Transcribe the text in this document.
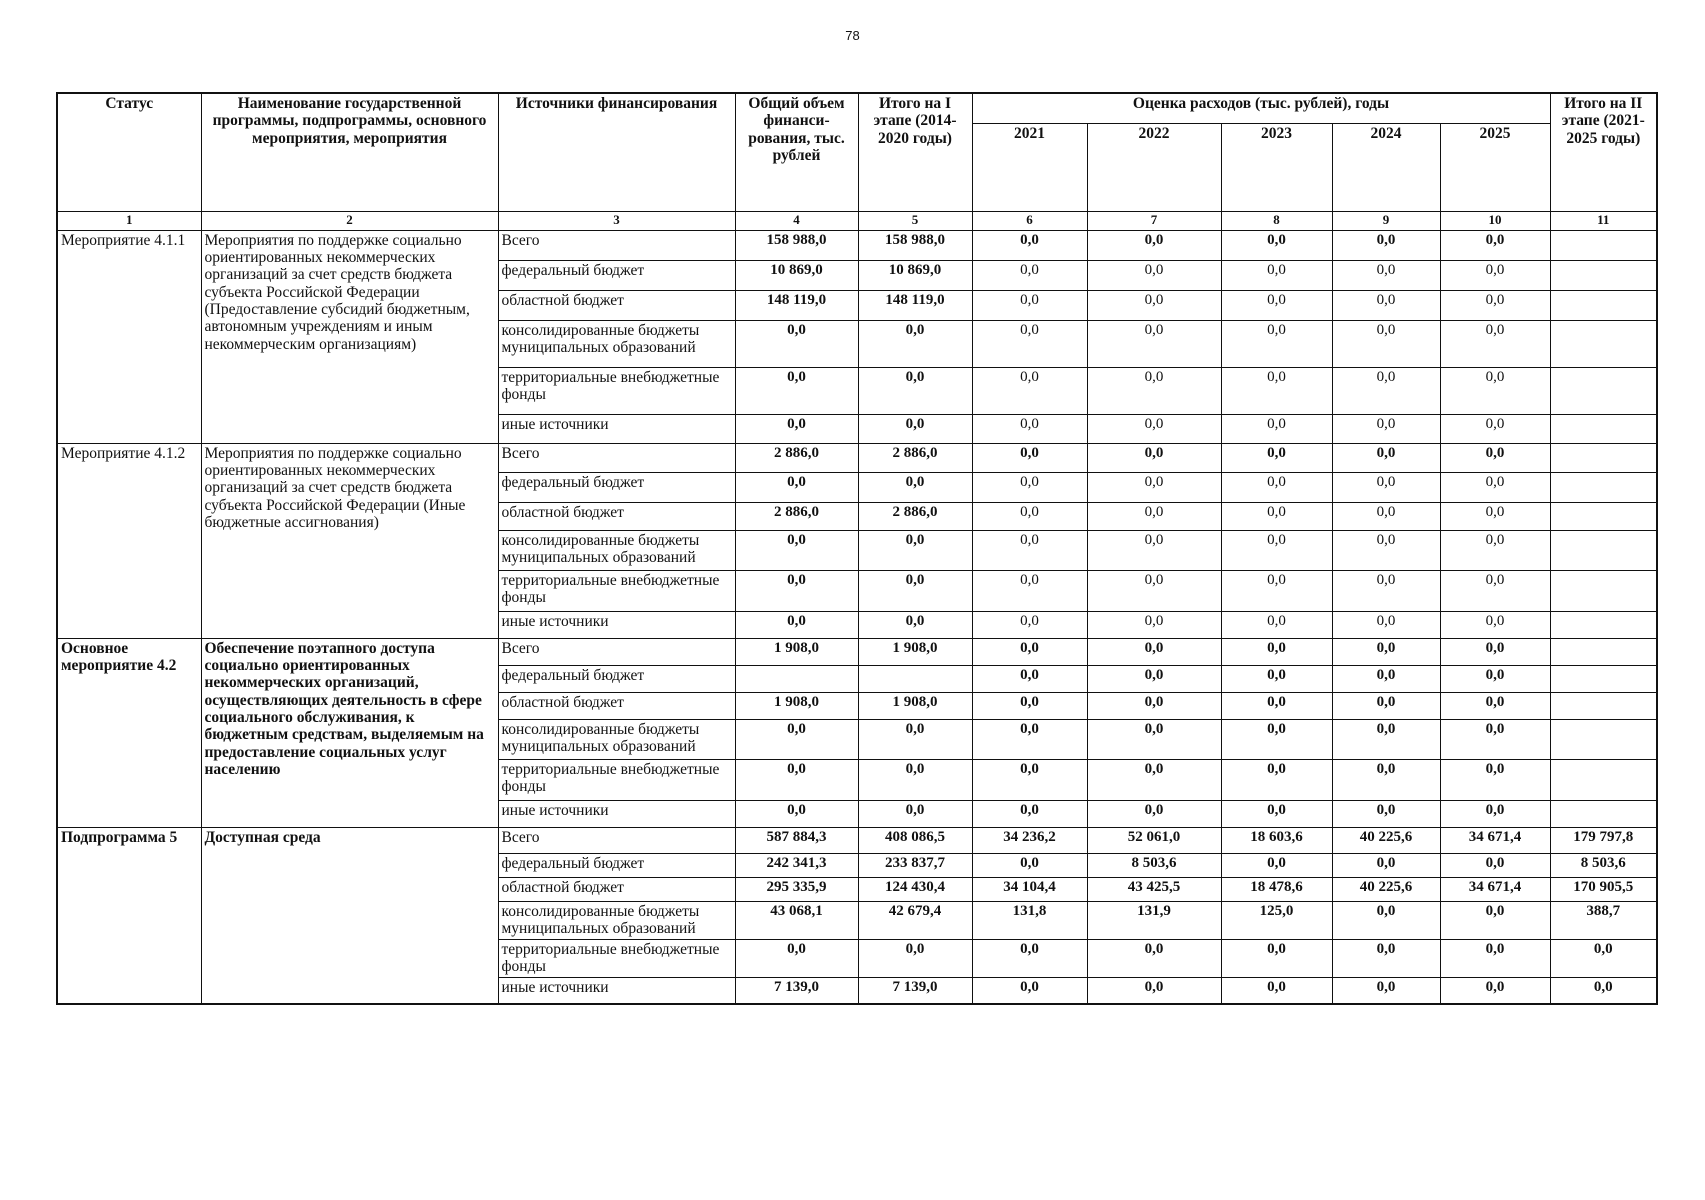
78
Статус	Наименование государственной программы, подпрограммы, основного мероприятия, мероприятия	Источники финансирования	Общий объем финанси-рования, тыс. рублей	Итого на I этапе (2014-2020 годы)	Оценка расходов (тыс. рублей), годы					Итого на II этапе (2021-2025 годы)
					2021	2022	2023	2024	2025	
1	2	3	4	5	6	7	8	9	10	11
Мероприятие 4.1.1	Мероприятия по поддержке социально ориентированных некоммерческих организаций за счет средств бюджета субъекта Российской Федерации (Предоставление субсидий бюджетным, автономным учреждениям и иным некоммерческим организациям)	Всего	158 988,0	158 988,0	0,0	0,0	0,0	0,0	0,0	
		федеральный бюджет	10 869,0	10 869,0	0,0	0,0	0,0	0,0	0,0	
		областной бюджет	148 119,0	148 119,0	0,0	0,0	0,0	0,0	0,0	
		консолидированные бюджеты муниципальных образований	0,0	0,0	0,0	0,0	0,0	0,0	0,0	
		территориальные внебюджетные фонды	0,0	0,0	0,0	0,0	0,0	0,0	0,0	
		иные источники	0,0	0,0	0,0	0,0	0,0	0,0	0,0	
Мероприятие 4.1.2	Мероприятия по поддержке социально ориентированных некоммерческих организаций за счет средств бюджета субъекта Российской Федерации (Иные бюджетные ассигнования)	Всего	2 886,0	2 886,0	0,0	0,0	0,0	0,0	0,0	
		федеральный бюджет	0,0	0,0	0,0	0,0	0,0	0,0	0,0	
		областной бюджет	2 886,0	2 886,0	0,0	0,0	0,0	0,0	0,0	
		консолидированные бюджеты муниципальных образований	0,0	0,0	0,0	0,0	0,0	0,0	0,0	
		территориальные внебюджетные фонды	0,0	0,0	0,0	0,0	0,0	0,0	0,0	
		иные источники	0,0	0,0	0,0	0,0	0,0	0,0	0,0	
Основное мероприятие 4.2	Обеспечение поэтапного доступа социально ориентированных некоммерческих организаций, осуществляющих деятельность в сфере социального обслуживания, к бюджетным средствам, выделяемым на предоставление социальных услуг населению	Всего	1 908,0	1 908,0	0,0	0,0	0,0	0,0	0,0	
		федеральный бюджет			0,0	0,0	0,0	0,0	0,0	
		областной бюджет	1 908,0	1 908,0	0,0	0,0	0,0	0,0	0,0	
		консолидированные бюджеты муниципальных образований	0,0	0,0	0,0	0,0	0,0	0,0	0,0	
		территориальные внебюджетные фонды	0,0	0,0	0,0	0,0	0,0	0,0	0,0	
		иные источники	0,0	0,0	0,0	0,0	0,0	0,0	0,0	
Подпрограмма 5	Доступная среда	Всего	587 884,3	408 086,5	34 236,2	52 061,0	18 603,6	40 225,6	34 671,4	179 797,8
		федеральный бюджет	242 341,3	233 837,7	0,0	8 503,6	0,0	0,0	0,0	8 503,6
		областной бюджет	295 335,9	124 430,4	34 104,4	43 425,5	18 478,6	40 225,6	34 671,4	170 905,5
		консолидированные бюджеты муниципальных образований	43 068,1	42 679,4	131,8	131,9	125,0	0,0	0,0	388,7
		территориальные внебюджетные фонды	0,0	0,0	0,0	0,0	0,0	0,0	0,0	0,0
		иные источники	7 139,0	7 139,0	0,0	0,0	0,0	0,0	0,0	0,0
